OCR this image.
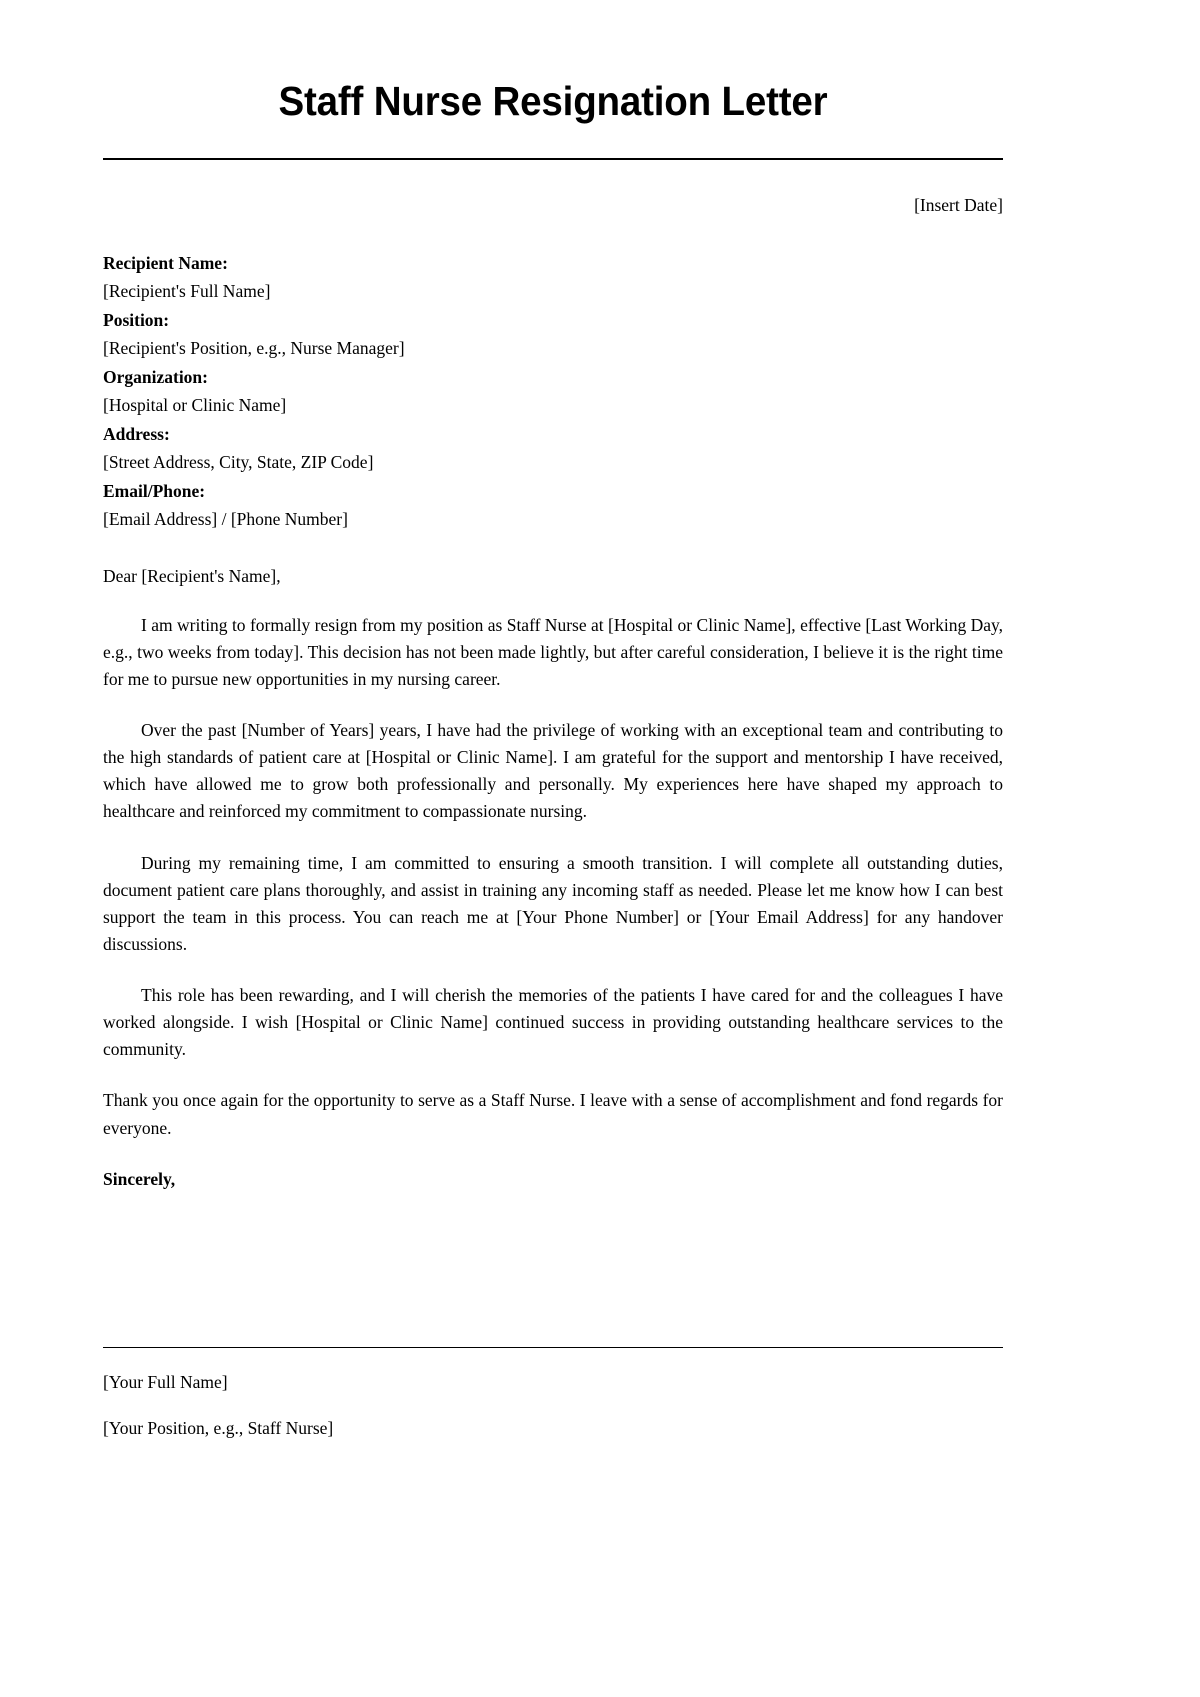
Staff Nurse Resignation Letter

[Insert Date]

Recipient Name:

[Recipient's Full Name]

Position:

[Recipient's Position, e.g., Nurse Manager]

Organization:

[Hospital or Clinic Name]

Address:

[Street Address, City, State, ZIP Code]

Email/Phone:

[Email Address] / [Phone Number]

Dear [Recipient's Name],

I am writing to formally resign from my position as Staff Nurse at [Hospital or Clinic Name], effective [Last Working Day, e.g., two weeks from today]. This decision has not been made lightly, but after careful consideration, I believe it is the right time for me to pursue new opportunities in my nursing career.

Over the past [Number of Years] years, I have had the privilege of working with an exceptional team and contributing to the high standards of patient care at [Hospital or Clinic Name]. I am grateful for the support and mentorship I have received, which have allowed me to grow both professionally and personally. My experiences here have shaped my approach to healthcare and reinforced my commitment to compassionate nursing.

During my remaining time, I am committed to ensuring a smooth transition. I will complete all outstanding duties, document patient care plans thoroughly, and assist in training any incoming staff as needed. Please let me know how I can best support the team in this process. You can reach me at [Your Phone Number] or [Your Email Address] for any handover discussions.

This role has been rewarding, and I will cherish the memories of the patients I have cared for and the colleagues I have worked alongside. I wish [Hospital or Clinic Name] continued success in providing outstanding healthcare services to the community.

Thank you once again for the opportunity to serve as a Staff Nurse. I leave with a sense of accomplishment and fond regards for everyone.

Sincerely,

[Your Full Name]

[Your Position, e.g., Staff Nurse]
